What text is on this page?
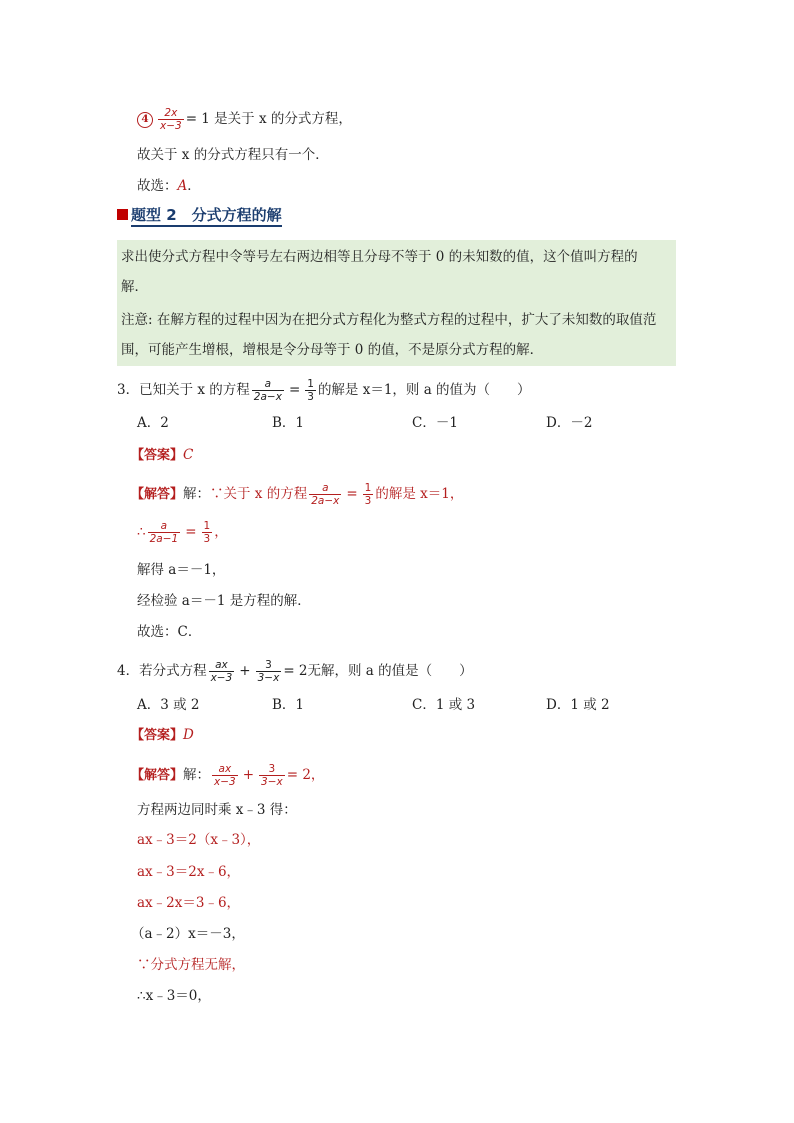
$4 \frac{2x}{x-3} = 1$ 是关于 x 的分式方程，
故关于 x 的分式方程只有一个．
故选：A．
题型 2　分式方程的解
求出使分式方程中令等号左右两边相等且分母不等于 0 的未知数的值，这个值叫方程的
解．
注意: 在解方程的过程中因为在把分式方程化为整式方程的过程中，扩大了未知数的取值范
围，可能产生增根，增根是令分母等于 0 的值，不是原分式方程的解．
3．已知关于 x 的方程 $\frac{a}{2a-x} = \frac{1}{3}$ 的解是 x＝1，则 a 的值为（　　）
A．2	B．1	C．－1	D．－2
【答案】C
【解答】解：∵关于 x 的方程 $\frac{a}{2a-x} = \frac{1}{3}$ 的解是 x＝1，
∴ $\frac{a}{2a-1} = \frac{1}{3}$ ，
解得 a＝－1，
经检验 a＝－1 是方程的解．
故选：C．
4．若分式方程 $\frac{ax}{x-3} + \frac{3}{3-x} = 2$无解，则 a 的值是（　　）
A．3 或 2	B．1	C．1 或 3	D．1 或 2
【答案】D
【解答】解： $\frac{ax}{x-3} + \frac{3}{3-x} = 2$，
方程两边同时乘 x﹣3 得：
ax﹣3＝2（x﹣3），
ax﹣3＝2x﹣6，
ax﹣2x＝3﹣6，
（a﹣2）x＝－3，
∵分式方程无解，
∴x﹣3＝0，
